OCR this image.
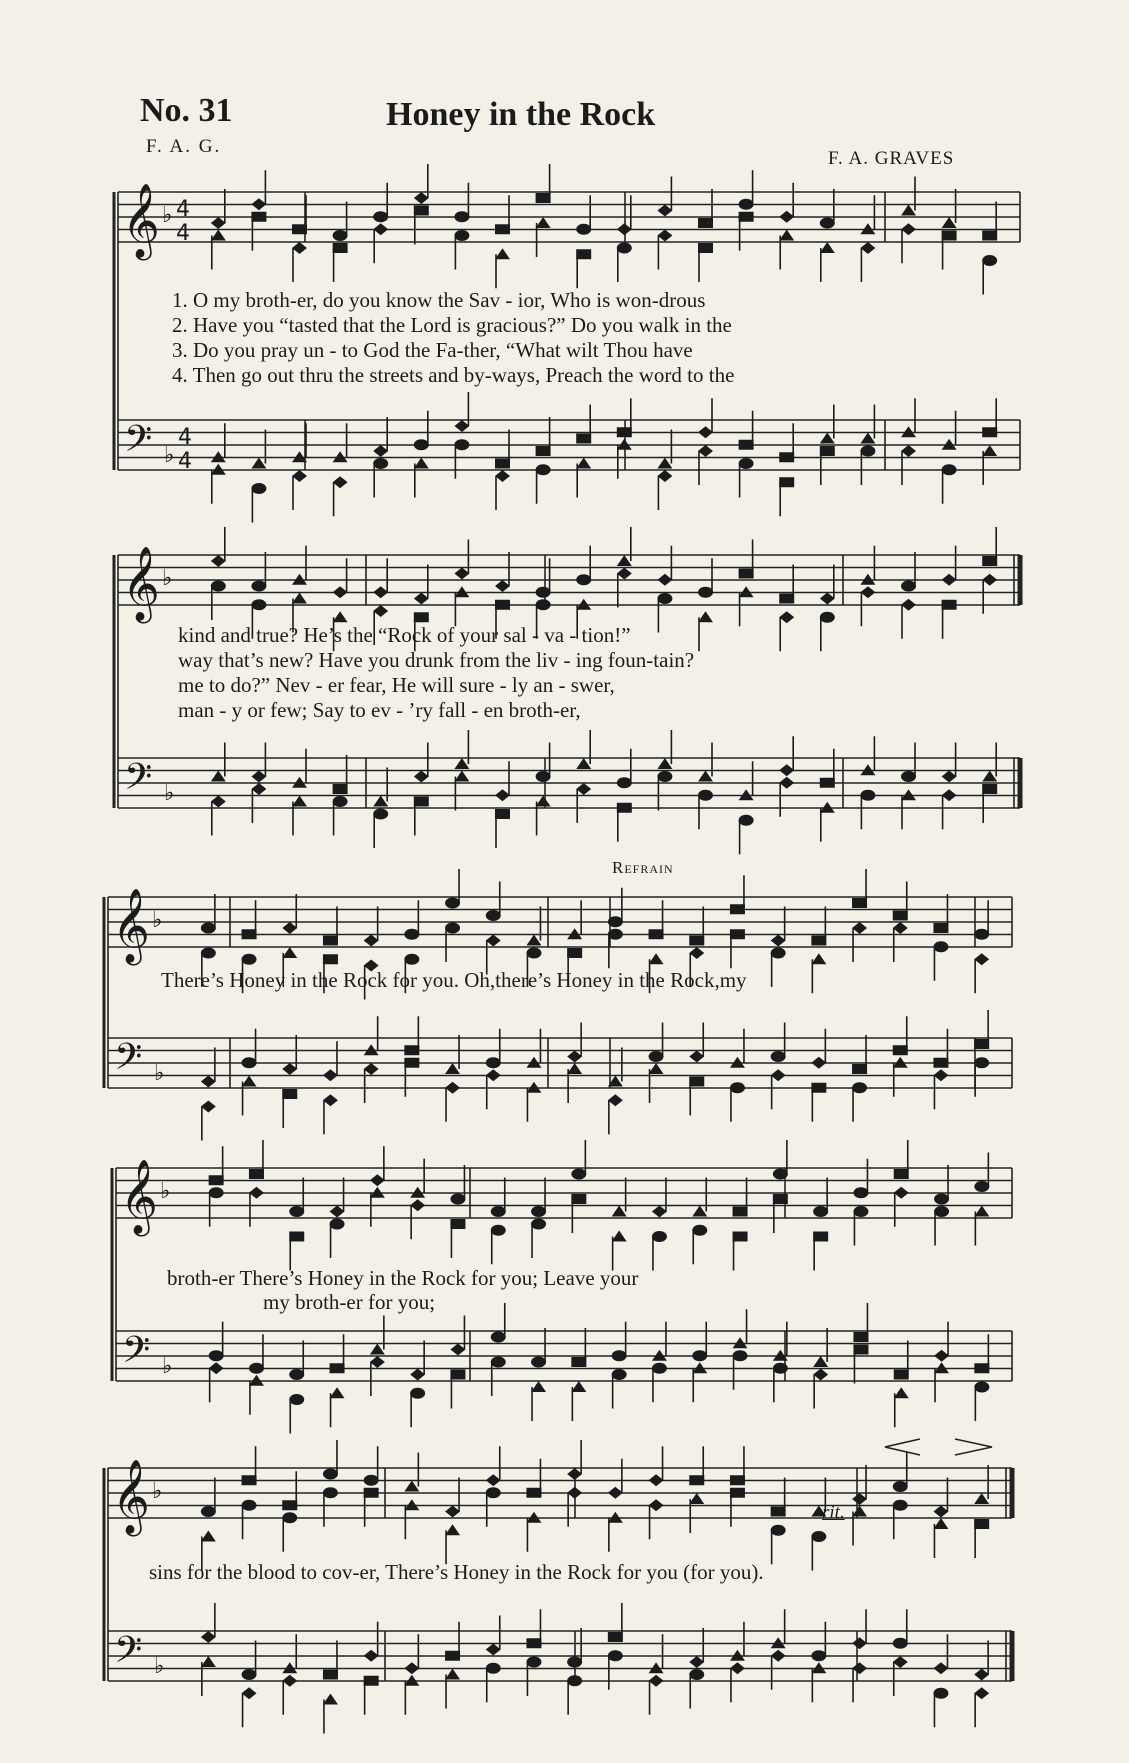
No. 31	Honey in the Rock
F. A. G.
F. A. GRAVES
𝄞
𝄢
♭
♭
4
4
4
4
𝄞
𝄢
♭
♭
𝄞
𝄢
♭
♭
𝄞
𝄢
♭
♭
𝄞
𝄢
♭
♭
1. O my broth-er, do you know the Sav - ior, Who is won-drous
2. Have you “tasted that the Lord is gracious?” Do you walk in the
3. Do you pray un - to God the Fa-ther, “What wilt Thou have
4. Then go out thru the streets and by-ways, Preach the word to the
kind and true? He’s the “Rock of your sal - va - tion!”
way that’s new? Have you drunk from the liv - ing foun-tain?
me to do?” Nev - er fear, He will sure - ly an - swer,
man - y or few; Say to ev - ’ry fall - en broth-er,
Refrain
There’s Honey in the Rock for you. Oh,there’s Honey in the Rock,my
broth-er There’s Honey in the Rock for you; Leave your
my broth-er for you;
rit.
sins for the blood to cov-er, There’s Honey in the Rock for you (for you).
